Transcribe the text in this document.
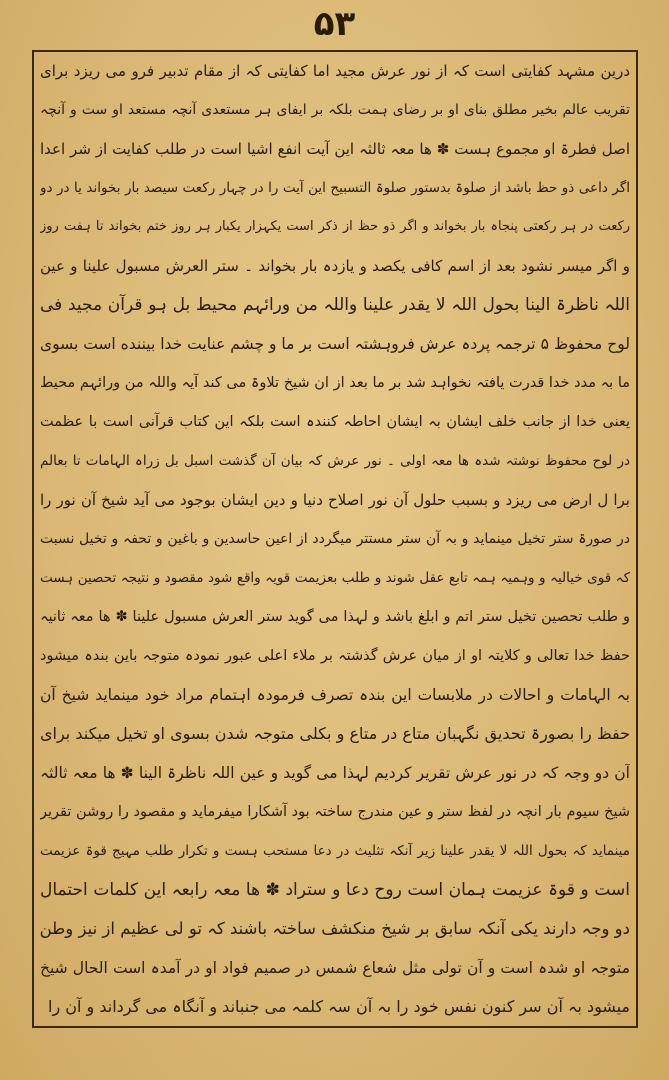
۵۳
درین مشہد کفایتی است کہ از نور عرش مجید اما کفایتی کہ از مقام تدبیر فرو می ریزد برای
تقریب عالم بخیر مطلق بنای او بر رضای ہمت بلکہ بر ایفای ہر مستعدی آنچہ مستعد او ست و آنچہ
اصل فطرۃ او مجموع ہست ✽ ھا معہ ثالثہ این آیت انفع اشیا است در طلب کفایت از شر اعدا
اگر داعی ذو حظ باشد از صلوۃ بدستور صلوۃ التسبیح این آیت را در چہار رکعت سیصد بار بخواند یا در دو
رکعت در ہر رکعتی پنجاہ بار بخواند و اگر ذو حظ از ذکر است یکہزار یکبار ہر روز ختم بخواند تا ہفت روز
و اگر میسر نشود بعد از اسم کافی یکصد و یازدہ بار بخواند ۔ ستر العرش مسبول علینا و عین
اللہ ناظرۃ الینا بحول اللہ لا یقدر علینا واللہ من ورائہم محیط بل ہو قرآن مجید فی
لوح محفوظ ۵ ترجمہ پردہ عرش فروہشتہ است بر ما و چشم عنایت خدا بیننده است بسوی
ما بہ مدد خدا قدرت یافتہ نخواہد شد بر ما بعد از ان شیخ تلاوۃ می کند آیہ واللہ من ورائہم محیط
یعنی خدا از جانب خلف ایشان بہ ایشان احاطہ کنندہ است بلکہ این کتاب قرآنی است با عظمت
در لوح محفوظ نوشتہ شدہ ھا معہ اولی ۔ نور عرش کہ بیان آن گذشت اسبل بل زراہ الہامات تا بعالم
برا ل ارض می ریزد و بسبب حلول آن نور اصلاح دنیا و دین ایشان بوجود می آید شیخ آن نور را
در صورۃ ستر تخیل مینماید و بہ آن ستر مستتر میگردد از اعین حاسدین و باغین و تحفہ و تخیل نسبت
کہ قوی خیالیہ و وہمیہ ہمہ تابع عقل شوند و طلب بعزیمت قویہ واقع شود مقصود و نتیجہ تحصین ہست
و طلب تحصین تخیل ستر اتم و ابلغ باشد و لہذا می گوید ستر العرش مسبول علینا ✽ ھا معہ ثانیہ
حفظ خدا تعالی و کلایتہ او از میان عرش گذشتہ بر ملاء اعلی عبور نمودہ متوجہ باین بندہ میشود
بہ الہامات و احالات در ملابسات این بندہ تصرف فرمودہ اہتمام مراد خود مینماید شیخ آن
حفظ را بصورۃ تحدیق نگہبان متاع در متاع و بکلی متوجہ شدن بسوی او تخیل میکند برای
آن دو وجہ کہ در نور عرش تقریر کردیم لہذا می گوید و عین اللہ ناظرۃ الینا ✽ ھا معہ ثالثہ
شیخ سیوم بار انچہ در لفظ ستر و عین مندرج ساختہ بود آشکارا میفرماید و مقصود را روشن تقریر
مینماید کہ بحول اللہ لا یقدر علینا زیر آنکہ تثلیث در دعا مستحب ہست و تکرار طلب مہیج قوۃ عزیمت
است و قوۃ عزیمت ہمان است روح دعا و ستراد ✽ ھا معہ رابعہ این کلمات احتمال
دو وجہ دارند یکی آنکہ سابق بر شیخ منکشف ساختہ باشند کہ تو لی عظیم از نیز وطن
متوجہ او شدہ است و آن تولی مثل شعاع شمس در صمیم فواد او در آمدہ است الحال شیخ
میشود بہ آن سر کنون نفس خود را بہ آن سہ کلمہ می جنباند و آنگاہ می گرداند و آن را
